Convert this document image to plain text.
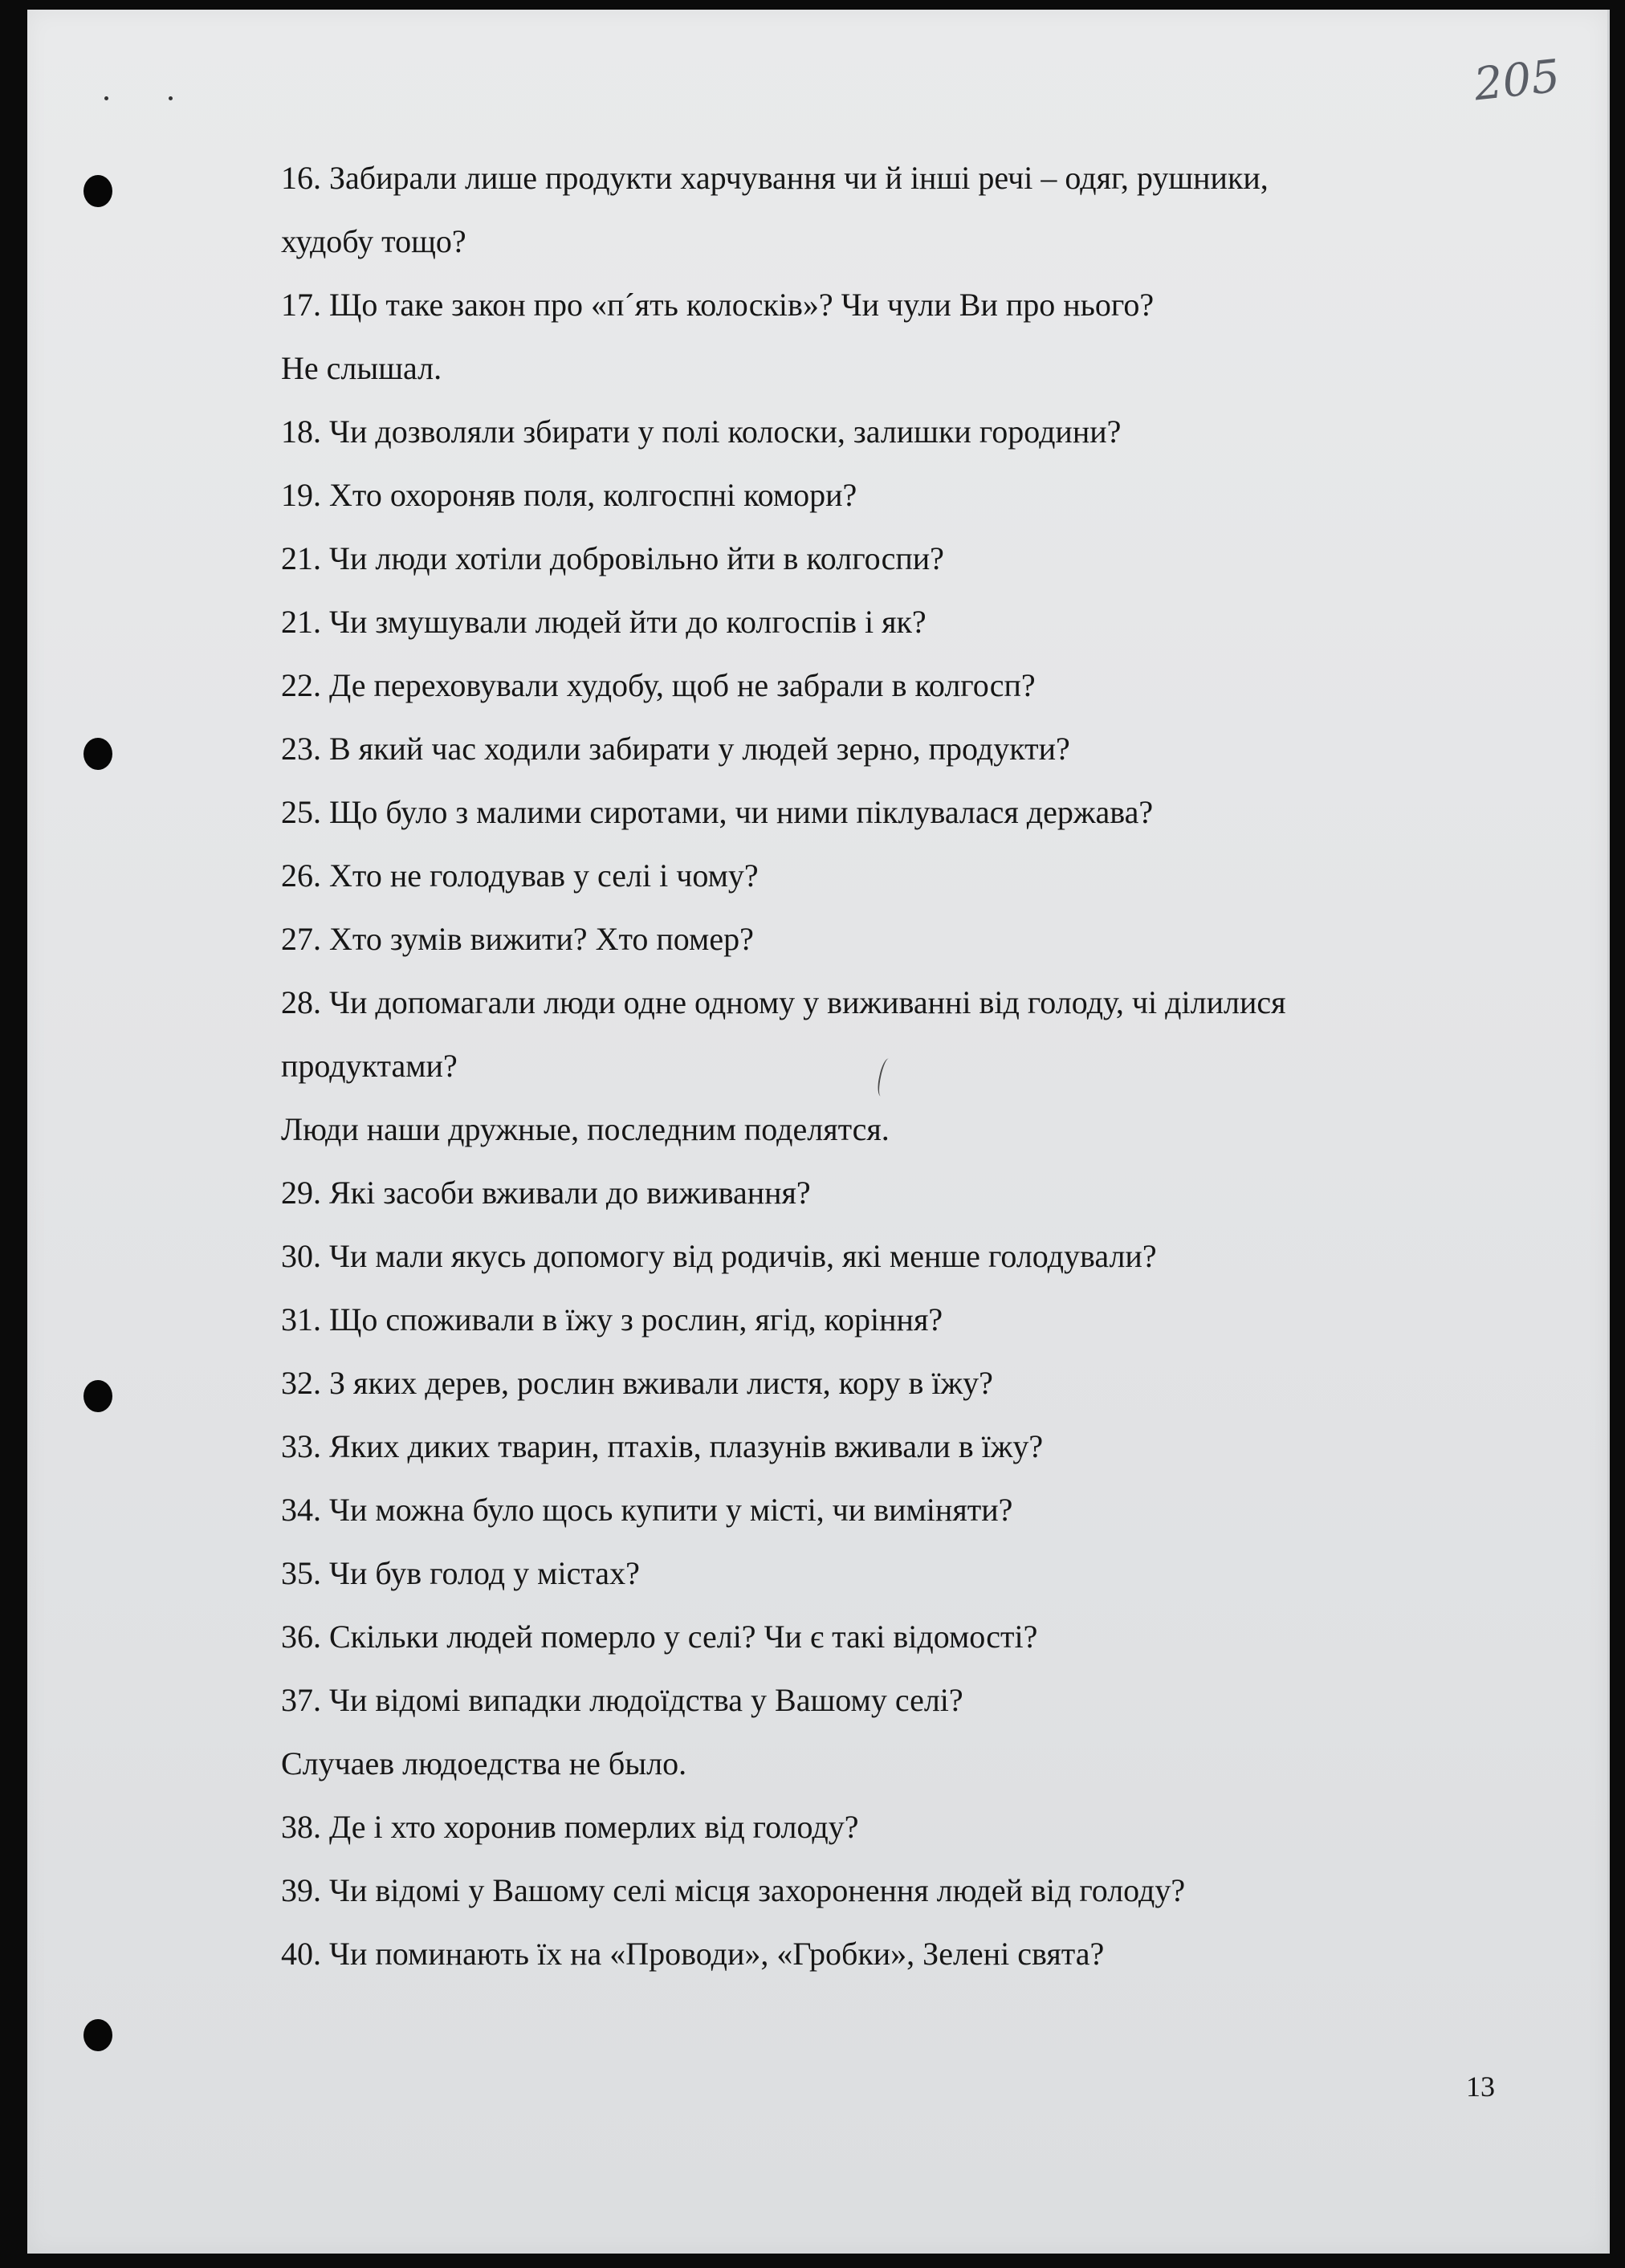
205
16. Забирали лише продукти харчування чи й інші речі – одяг, рушники,
худобу тощо?
17. Що таке закон про «п´ять колосків»? Чи чули Ви про нього?
Не слышал.
18. Чи дозволяли збирати у полі колоски, залишки городини?
19. Хто охороняв поля, колгоспні комори?
21. Чи люди хотіли добровільно йти в колгоспи?
21. Чи змушували людей йти до колгоспів і як?
22. Де переховували худобу, щоб не забрали в колгосп?
23. В який час ходили забирати у людей зерно, продукти?
25. Що було з малими сиротами, чи ними піклувалася держава?
26. Хто не голодував у селі і чому?
27. Хто зумів вижити? Хто помер?
28. Чи допомагали люди одне одному у виживанні від голоду, чі ділилися
продуктами?
Люди наши дружные, последним поделятся.
29. Які засоби вживали до виживання?
30. Чи мали якусь допомогу від родичів, які менше голодували?
31. Що споживали в їжу з рослин, ягід, коріння?
32. З яких дерев, рослин вживали листя, кору в їжу?
33. Яких диких тварин, птахів, плазунів вживали в їжу?
34. Чи можна було щось купити у місті, чи виміняти?
35. Чи був голод у містах?
36. Скільки людей померло у селі? Чи є такі відомості?
37. Чи відомі випадки людоїдства у Вашому селі?
Случаев людоедства не было.
38. Де і хто хоронив померлих від голоду?
39. Чи відомі у Вашому селі місця захоронення людей від голоду?
40. Чи поминають їх на «Проводи», «Гробки», Зелені свята?
13
